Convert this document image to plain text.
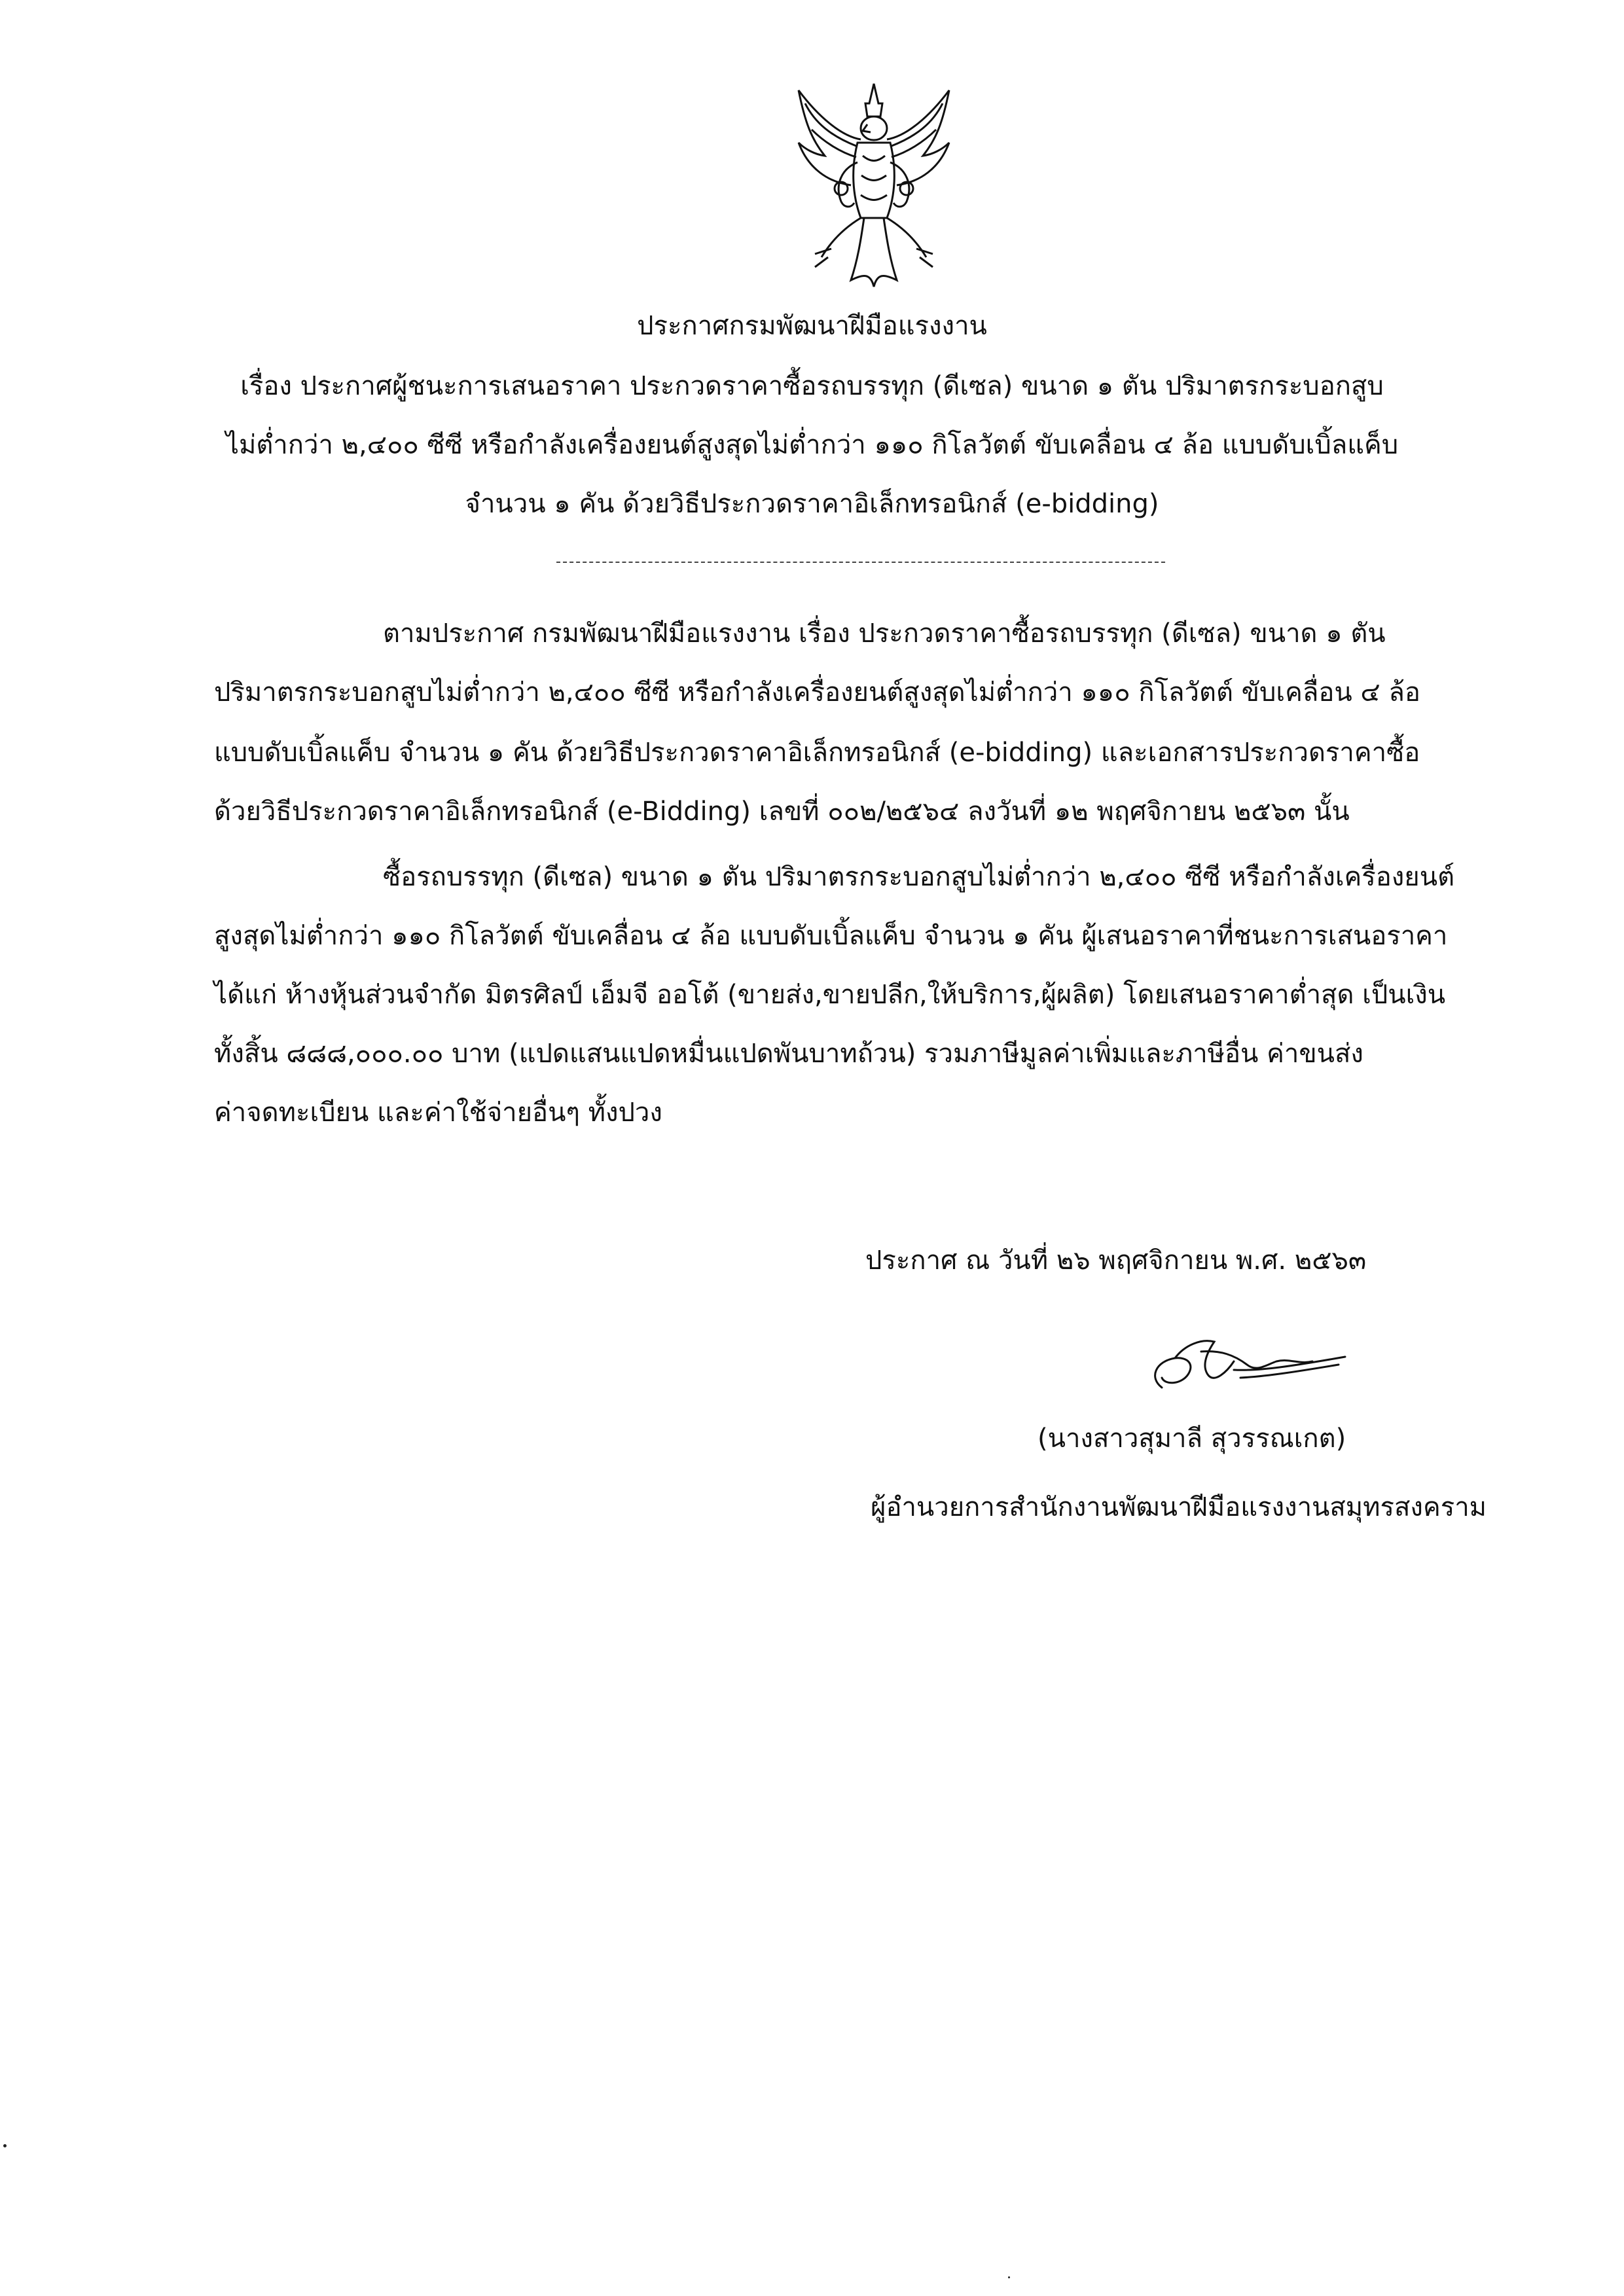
ประกาศกรมพัฒนาฝีมือแรงงาน

เรื่อง ประกาศผู้ชนะการเสนอราคา ประกวดราคาซื้อรถบรรทุก (ดีเซล) ขนาด ๑ ตัน ปริมาตรกระบอกสูบ

ไม่ต่ำกว่า ๒,๔๐๐ ซีซี หรือกำลังเครื่องยนต์สูงสุดไม่ต่ำกว่า ๑๑๐ กิโลวัตต์ ขับเคลื่อน ๔ ล้อ แบบดับเบิ้ลแค็บ

จำนวน ๑ คัน ด้วยวิธีประกวดราคาอิเล็กทรอนิกส์ (e-bidding)

ตามประกาศ กรมพัฒนาฝีมือแรงงาน เรื่อง ประกวดราคาซื้อรถบรรทุก (ดีเซล) ขนาด ๑ ตัน

ปริมาตรกระบอกสูบไม่ต่ำกว่า ๒,๔๐๐ ซีซี หรือกำลังเครื่องยนต์สูงสุดไม่ต่ำกว่า ๑๑๐ กิโลวัตต์ ขับเคลื่อน ๔ ล้อ

แบบดับเบิ้ลแค็บ จำนวน ๑ คัน ด้วยวิธีประกวดราคาอิเล็กทรอนิกส์ (e-bidding) และเอกสารประกวดราคาซื้อ

ด้วยวิธีประกวดราคาอิเล็กทรอนิกส์ (e-Bidding) เลขที่ ๐๐๒/๒๕๖๔ ลงวันที่ ๑๒ พฤศจิกายน ๒๕๖๓ นั้น

ซื้อรถบรรทุก (ดีเซล) ขนาด ๑ ตัน ปริมาตรกระบอกสูบไม่ต่ำกว่า ๒,๔๐๐ ซีซี หรือกำลังเครื่องยนต์

สูงสุดไม่ต่ำกว่า ๑๑๐ กิโลวัตต์ ขับเคลื่อน ๔ ล้อ แบบดับเบิ้ลแค็บ จำนวน ๑ คัน ผู้เสนอราคาที่ชนะการเสนอราคา

ได้แก่ ห้างหุ้นส่วนจำกัด มิตรศิลป์ เอ็มจี ออโต้ (ขายส่ง,ขายปลีก,ให้บริการ,ผู้ผลิต) โดยเสนอราคาต่ำสุด เป็นเงิน

ทั้งสิ้น ๘๘๘,๐๐๐.๐๐ บาท (แปดแสนแปดหมื่นแปดพันบาทถ้วน) รวมภาษีมูลค่าเพิ่มและภาษีอื่น ค่าขนส่ง

ค่าจดทะเบียน และค่าใช้จ่ายอื่นๆ ทั้งปวง

ประกาศ ณ วันที่ ๒๖ พฤศจิกายน พ.ศ. ๒๕๖๓

(นางสาวสุมาลี สุวรรณเกต)

ผู้อำนวยการสำนักงานพัฒนาฝีมือแรงงานสมุทรสงคราม
